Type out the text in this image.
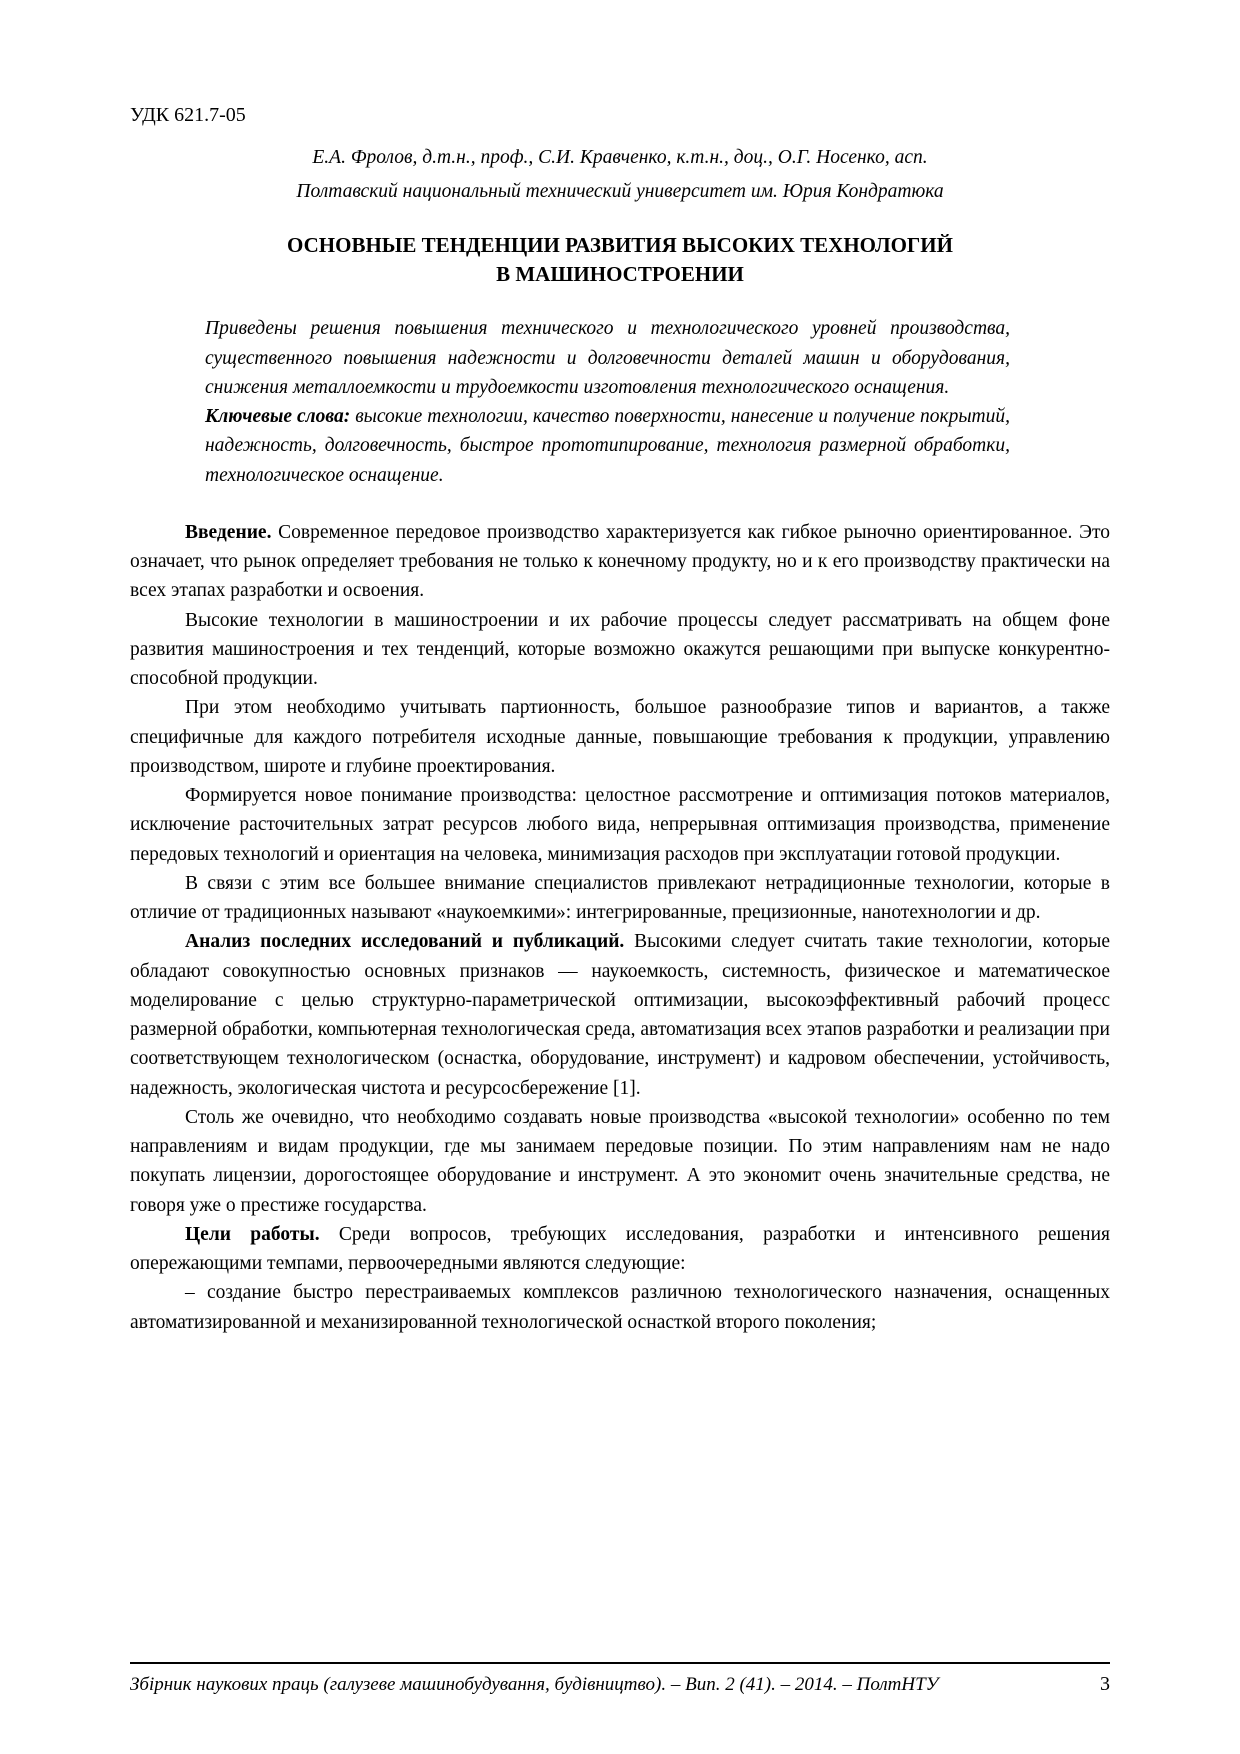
УДК 621.7-05
Е.А. Фролов, д.т.н., проф., С.И. Кравченко, к.т.н., доц., О.Г. Носенко, асп.
Полтавский национальный технический университет им. Юрия Кондратюка
ОСНОВНЫЕ ТЕНДЕНЦИИ РАЗВИТИЯ ВЫСОКИХ ТЕХНОЛОГИЙ
В МАШИНОСТРОЕНИИ

Приведены решения повышения технического и технологического уровней производства, существенного повышения надежности и долговечности деталей машин и оборудования, снижения металлоемкости и трудоемкости изготовления технологического оснащения.

Ключевые слова: высокие технологии, качество поверхности, нанесение и получение покрытий, надежность, долговечность, быстрое прототипирование, технология размерной обработки, технологическое оснащение.

Введение. Современное передовое производство характеризуется как гибкое рыночно ориентированное. Это означает, что рынок определяет требования не только к конечному продукту, но и к его производству практически на всех этапах разработки и освоения.

Высокие технологии в машиностроении и их рабочие процессы следует рассматривать на общем фоне развития машиностроения и тех тенденций, которые возможно окажутся решающими при выпуске конкурентно-способной продукции.

При этом необходимо учитывать партионность, большое разнообразие типов и вариантов, а также специфичные для каждого потребителя исходные данные, повышающие требования к продукции, управлению производством, широте и глубине проектирования.

Формируется новое понимание производства: целостное рассмотрение и оптимизация потоков материалов, исключение расточительных затрат ресурсов любого вида, непрерывная оптимизация производства, применение передовых технологий и ориентация на человека, минимизация расходов при эксплуатации готовой продукции.

В связи с этим все большее внимание специалистов привлекают нетрадиционные технологии, которые в отличие от традиционных называют «наукоемкими»: интегрированные, прецизионные, нанотехнологии и др.

Анализ последних исследований и публикаций. Высокими следует считать такие технологии, которые обладают совокупностью основных признаков — наукоемкость, системность, физическое и математическое моделирование с целью структурно-параметрической оптимизации, высокоэффективный рабочий процесс размерной обработки, компьютерная технологическая среда, автоматизация всех этапов разработки и реализации при соответствующем технологическом (оснастка, оборудование, инструмент) и кадровом обеспечении, устойчивость, надежность, экологическая чистота и ресурсосбережение [1].

Столь же очевидно, что необходимо создавать новые производства «высокой технологии» особенно по тем направлениям и видам продукции, где мы занимаем передовые позиции. По этим направлениям нам не надо покупать лицензии, дорогостоящее оборудование и инструмент. А это экономит очень значительные средства, не говоря уже о престиже государства.

Цели работы. Среди вопросов, требующих исследования, разработки и интенсивного решения опережающими темпами, первоочередными являются следующие:

– создание быстро перестраиваемых комплексов различною технологического назначения, оснащенных автоматизированной и механизированной технологической оснасткой второго поколения;

Збірник наукових праць (галузеве машинобудування, будівництво). – Вип. 2 (41). – 2014. – ПолтНТУ	3
